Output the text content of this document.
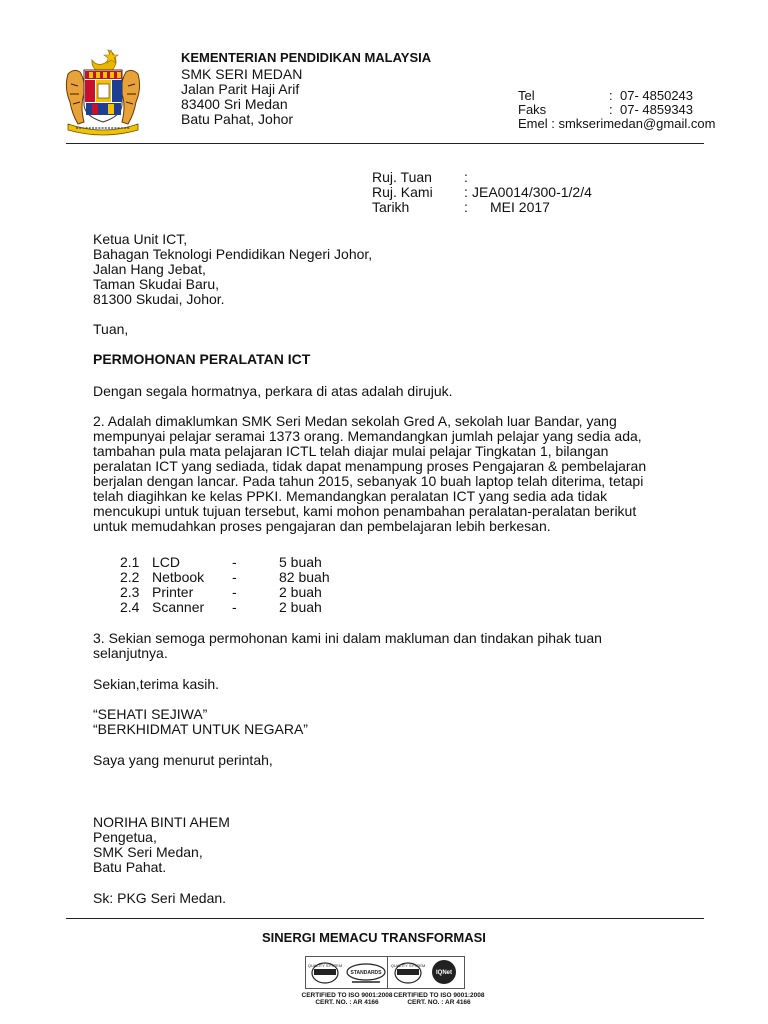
KEMENTERIAN PENDIDIKAN MALAYSIA
SMK SERI MEDAN
Jalan Parit Haji Arif
83400 Sri Medan
Batu Pahat, Johor
Tel	: 07- 4850243
Faks	: 07- 4859343
Emel : smkserimedan@gmail.com
Ruj. Tuan :
Ruj. Kami : JEA0014/300-1/2/4
Tarikh	: MEI 2017
Ketua Unit ICT,
Bahagan Teknologi Pendidikan Negeri Johor,
Jalan Hang Jebat,
Taman Skudai Baru,
81300 Skudai, Johor.
Tuan,
PERMOHONAN PERALATAN ICT
Dengan segala hormatnya, perkara di atas adalah dirujuk.
2. Adalah dimaklumkan SMK Seri Medan sekolah Gred A, sekolah luar Bandar, yang
mempunyai pelajar seramai 1373 orang. Memandangkan jumlah pelajar yang sedia ada,
tambahan pula mata pelajaran ICTL telah diajar mulai pelajar Tingkatan 1, bilangan
peralatan ICT yang sediada, tidak dapat menampung proses Pengajaran & pembelajaran
berjalan dengan lancar. Pada tahun 2015, sebanyak 10 buah laptop telah diterima, tetapi
telah diagihkan ke kelas PPKI. Memandangkan peralatan ICT yang sedia ada tidak
mencukupi untuk tujuan tersebut, kami mohon penambahan peralatan-peralatan berikut
untuk memudahkan proses pengajaran dan pembelajaran lebih berkesan.
2.1 LCD	-	5 buah
2.2 Netbook -	82 buah
2.3 Printer	-	2 buah
2.4 Scanner -	2 buah
3. Sekian semoga permohonan kami ini dalam makluman dan tindakan pihak tuan
selanjutnya.
Sekian,terima kasih.
“SEHATI SEJIWA”
“BERKHIDMAT UNTUK NEGARA”
Saya yang menurut perintah,
NORIHA BINTI AHEM
Pengetua,
SMK Seri Medan,
Batu Pahat.
Sk: PKG Seri Medan.
SINERGI MEMACU TRANSFORMASI
QUALITY SYSTEM
STANDARDS
QUALITY SYSTEM
IQNet
CERTIFIED TO ISO 9001:2008
CERT. NO. : AR 4166
CERTIFIED TO ISO 9001:2008
CERT. NO. : AR 4166
